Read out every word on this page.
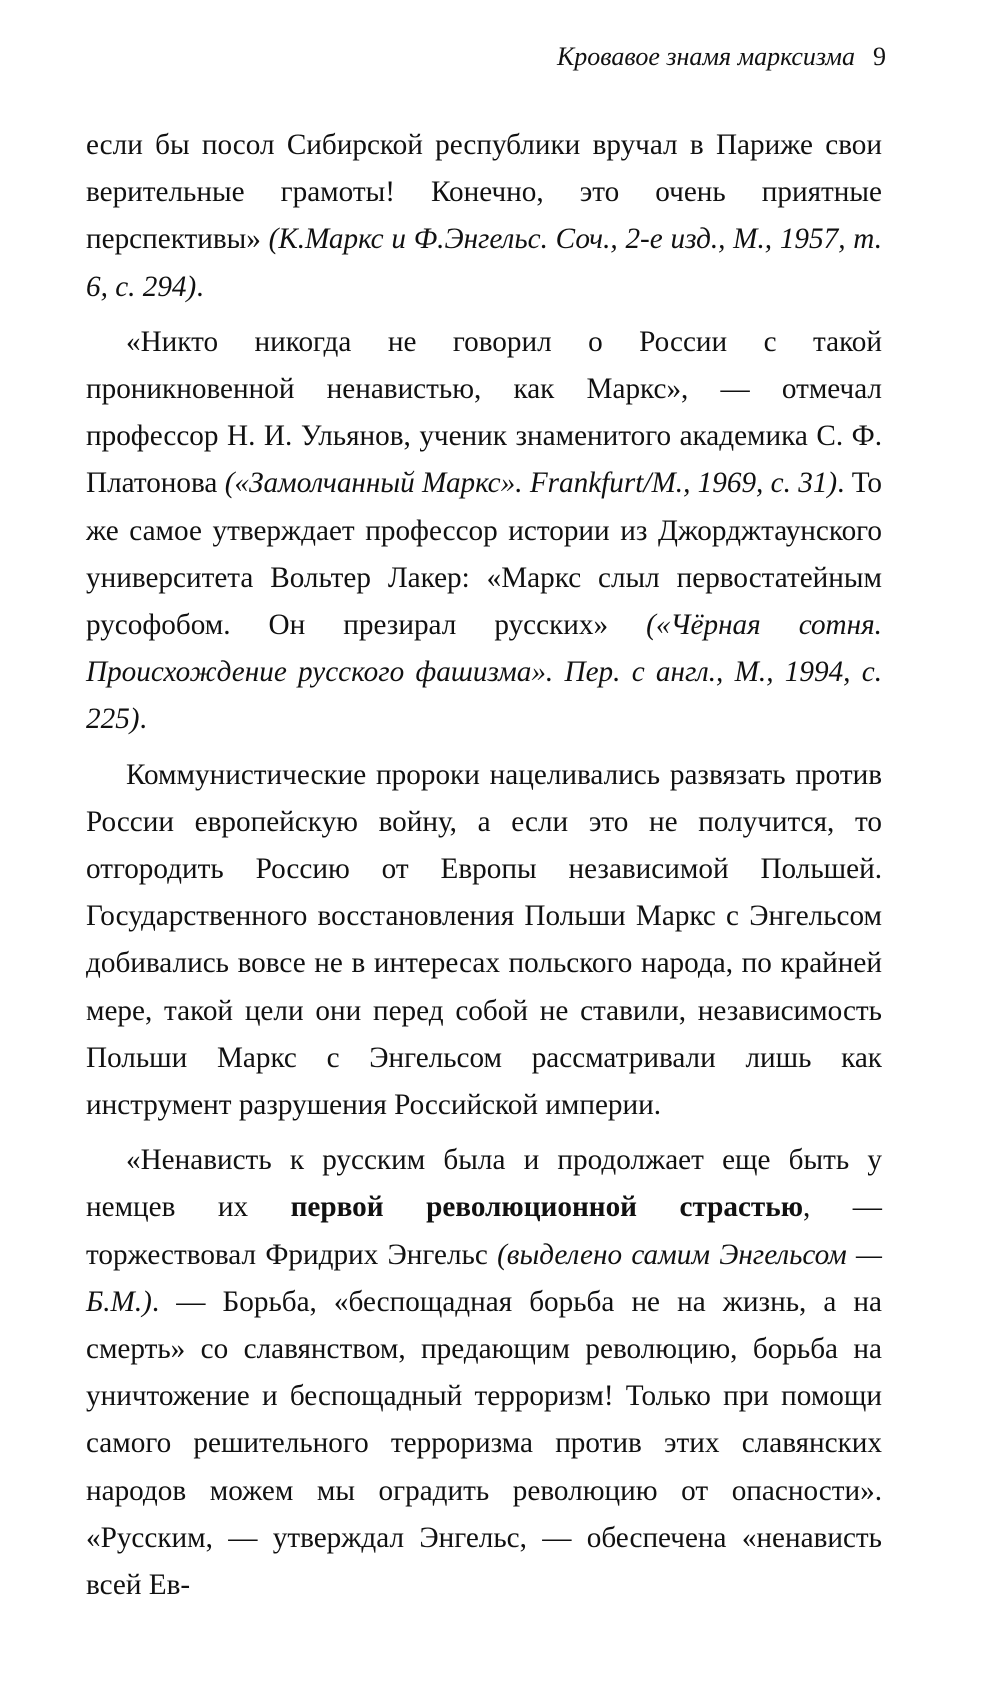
Кровавое знамя марксизма 9

если бы посол Сибирской республики вручал в Париже свои верительные грамоты! Конечно, это очень приятные перспективы» (К.Маркс и Ф.Энгельс. Соч., 2-е изд., М., 1957, т. 6, с. 294).

«Никто никогда не говорил о России с такой проникновенной ненавистью, как Маркс», — отмечал профессор Н. И. Ульянов, ученик знаменитого академика С. Ф. Платонова («Замолчанный Маркс». Frankfurt/M., 1969, с. 31). То же самое утверждает профессор истории из Джорджтаунского университета Вольтер Лакер: «Маркс слыл первостатейным русофобом. Он презирал русских» («Чёрная сотня. Происхождение русского фашизма». Пер. с англ., М., 1994, с. 225).

Коммунистические пророки нацеливались развязать против России европейскую войну, а если это не получится, то отгородить Россию от Европы независимой Польшей. Государственного восстановления Польши Маркс с Энгельсом добивались вовсе не в интересах польского народа, по крайней мере, такой цели они перед собой не ставили, независимость Польши Маркс с Энгельсом рассматривали лишь как инструмент разрушения Российской империи.

«Ненависть к русским была и продолжает еще быть у немцев их первой революционной страстью, — торжествовал Фридрих Энгельс (выделено самим Энгельсом — Б.М.). — Борьба, «беспощадная борьба не на жизнь, а на смерть» со славянством, предающим революцию, борьба на уничтожение и беспощадный терроризм! Только при помощи самого решительного терроризма против этих славянских народов можем мы оградить революцию от опасности». «Русским, — утверждал Энгельс, — обеспечена «ненависть всей Ев-
